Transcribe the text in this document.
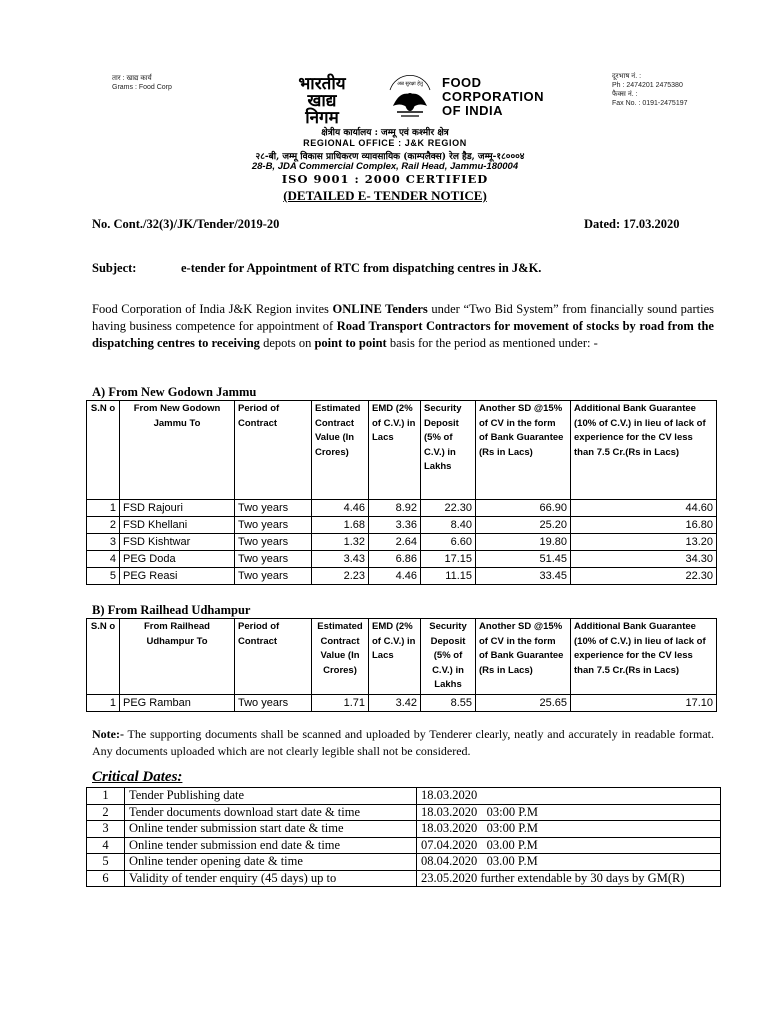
तार : खाद्य कार्य
Grams : Food Corp
दूरभाष नं. :
Ph : 2474201 2475380
फैक्स नं. :
Fax No. : 0191-2475197
भारतीय
खाद्य
निगम
अन्न सुरक्षा हेतु FOOD
CORPORATION
OF INDIA
क्षेत्रीय कार्यालय : जम्मू एवं कश्मीर क्षेत्र
REGIONAL OFFICE : J&K REGION
२८-बी, जम्मू विकास प्राधिकरण व्यावसायिक (काम्पलैक्स) रेल हैड, जम्मू-१८०००४
28-B, JDA Commercial Complex, Rail Head, Jammu-180004
ISO 9001 : 2000 CERTIFIED
(DETAILED E- TENDER NOTICE)
No. Cont./32(3)/JK/Tender/2019-20	Dated: 17.03.2020
Subject:	e-tender for Appointment of RTC from dispatching centres in J&K.
Food Corporation of India J&K Region invites ONLINE Tenders under “Two Bid System” from financially sound parties having business competence for appointment of Road Transport Contractors for movement of stocks by road from the dispatching centres to receiving depots on point to point basis for the period as mentioned under: -
A) From New Godown Jammu
S.N o	From New Godown Jammu To	Period of Contract	Estimated Contract Value (In Crores)	EMD (2% of C.V.) in Lacs	Security Deposit (5% of C.V.) in Lakhs	Another SD @15% of CV in the form of Bank Guarantee (Rs in Lacs)	Additional Bank Guarantee (10% of C.V.) in lieu of lack of experience for the CV less than 7.5 Cr.(Rs in Lacs)
1	FSD Rajouri	Two years	4.46	8.92	22.30	66.90	44.60
2	FSD Khellani	Two years	1.68	3.36	8.40	25.20	16.80
3	FSD Kishtwar	Two years	1.32	2.64	6.60	19.80	13.20
4	PEG Doda	Two years	3.43	6.86	17.15	51.45	34.30
5	PEG Reasi	Two years	2.23	4.46	11.15	33.45	22.30
B) From Railhead Udhampur
S.N o	From Railhead Udhampur To	Period of Contract	Estimated Contract Value (In Crores)	EMD (2% of C.V.) in Lacs	Security Deposit (5% of C.V.) in Lakhs	Another SD @15% of CV in the form of Bank Guarantee (Rs in Lacs)	Additional Bank Guarantee (10% of C.V.) in lieu of lack of experience for the CV less than 7.5 Cr.(Rs in Lacs)
1	PEG Ramban	Two years	1.71	3.42	8.55	25.65	17.10
Note:- The supporting documents shall be scanned and uploaded by Tenderer clearly, neatly and accurately in readable format. Any documents uploaded which are not clearly legible shall not be considered.
Critical Dates:
1	Tender Publishing date	18.03.2020
2	Tender documents download start date & time	18.03.2020   03:00 P.M
3	Online tender submission start date & time	18.03.2020   03:00 P.M
4	Online tender submission end date & time	07.04.2020   03.00 P.M
5	Online tender opening date & time	08.04.2020   03.00 P.M
6	Validity of tender enquiry (45 days) up to	23.05.2020 further extendable by 30 days by GM(R)
